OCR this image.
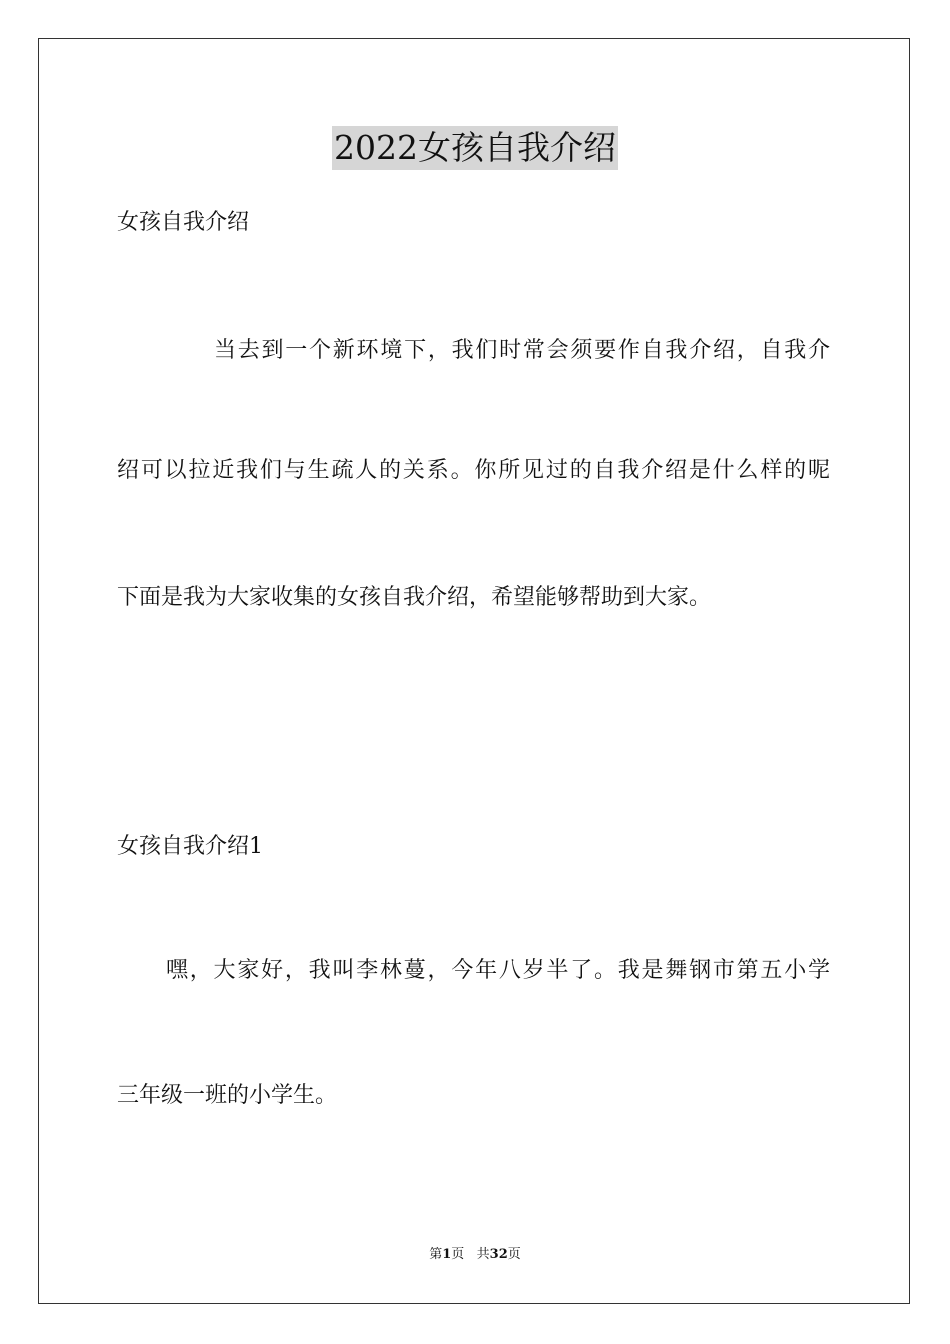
2022女孩自我介绍
女孩自我介绍
当去到一个新环境下，我们时常会须要作自我介绍，自我介
绍可以拉近我们与生疏人的关系。你所见过的自我介绍是什么样的呢
下面是我为大家收集的女孩自我介绍，希望能够帮助到大家。
女孩自我介绍1
嘿，大家好，我叫李林蔓，今年八岁半了。我是舞钢市第五小学
三年级一班的小学生。
第1页   共32页
